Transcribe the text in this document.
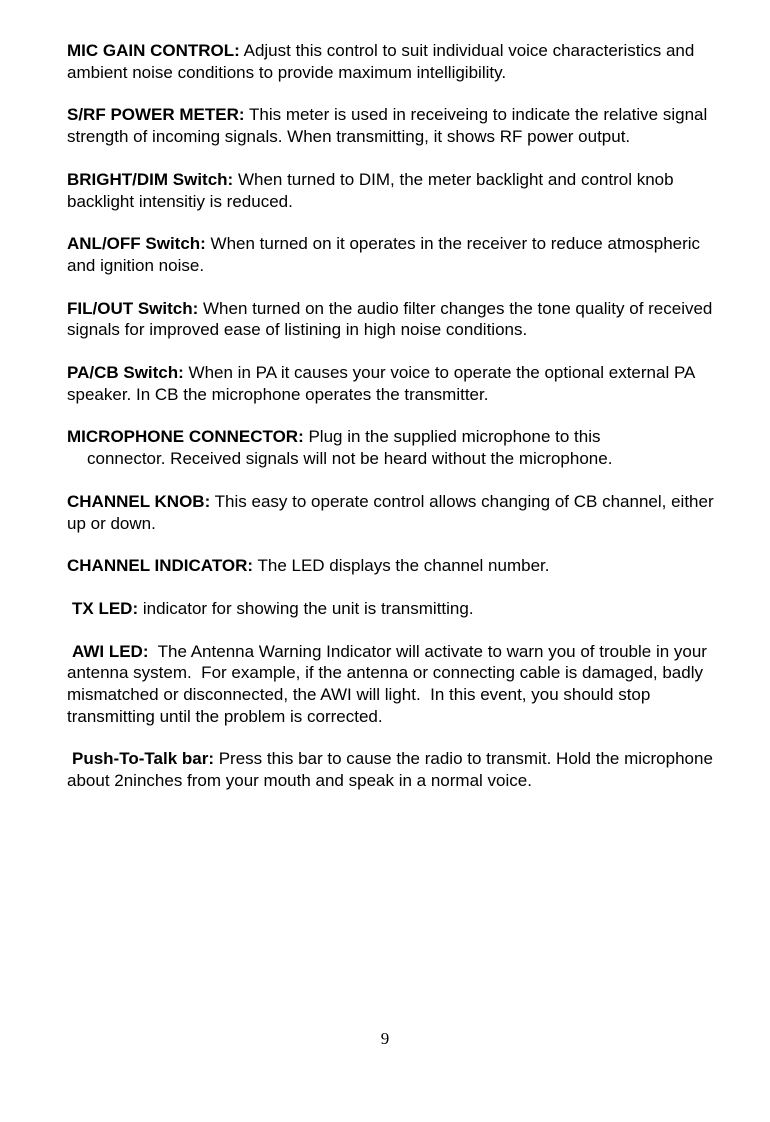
MIC GAIN CONTROL: Adjust this control to suit individual voice characteristics and ambient noise conditions to provide maximum intelligibility.

S/RF POWER METER: This meter is used in receiveing to indicate the relative signal strength of incoming signals. When transmitting, it shows RF power output.

BRIGHT/DIM Switch: When turned to DIM, the meter backlight and control knob backlight intensitiy is reduced.

ANL/OFF Switch: When turned on it operates in the receiver to reduce atmospheric and ignition noise.

FIL/OUT Switch: When turned on the audio filter changes the tone quality of received signals for improved ease of listining in high noise conditions.

PA/CB Switch: When in PA it causes your voice to operate the optional external PA speaker. In CB the microphone operates the transmitter.

MICROPHONE CONNECTOR: Plug in the supplied microphone to this
connector. Received signals will not be heard without the microphone.

CHANNEL KNOB: This easy to operate control allows changing of CB channel, either up or down.

CHANNEL INDICATOR: The LED displays the channel number.

TX LED: indicator for showing the unit is transmitting.

AWI LED:  The Antenna Warning Indicator will activate to warn you of trouble in your antenna system.  For example, if the antenna or connecting cable is damaged, badly mismatched or disconnected, the AWI will light.  In this event, you should stop transmitting until the problem is corrected.

Push-To-Talk bar: Press this bar to cause the radio to transmit. Hold the microphone about 2ninches from your mouth and speak in a normal voice.

9
